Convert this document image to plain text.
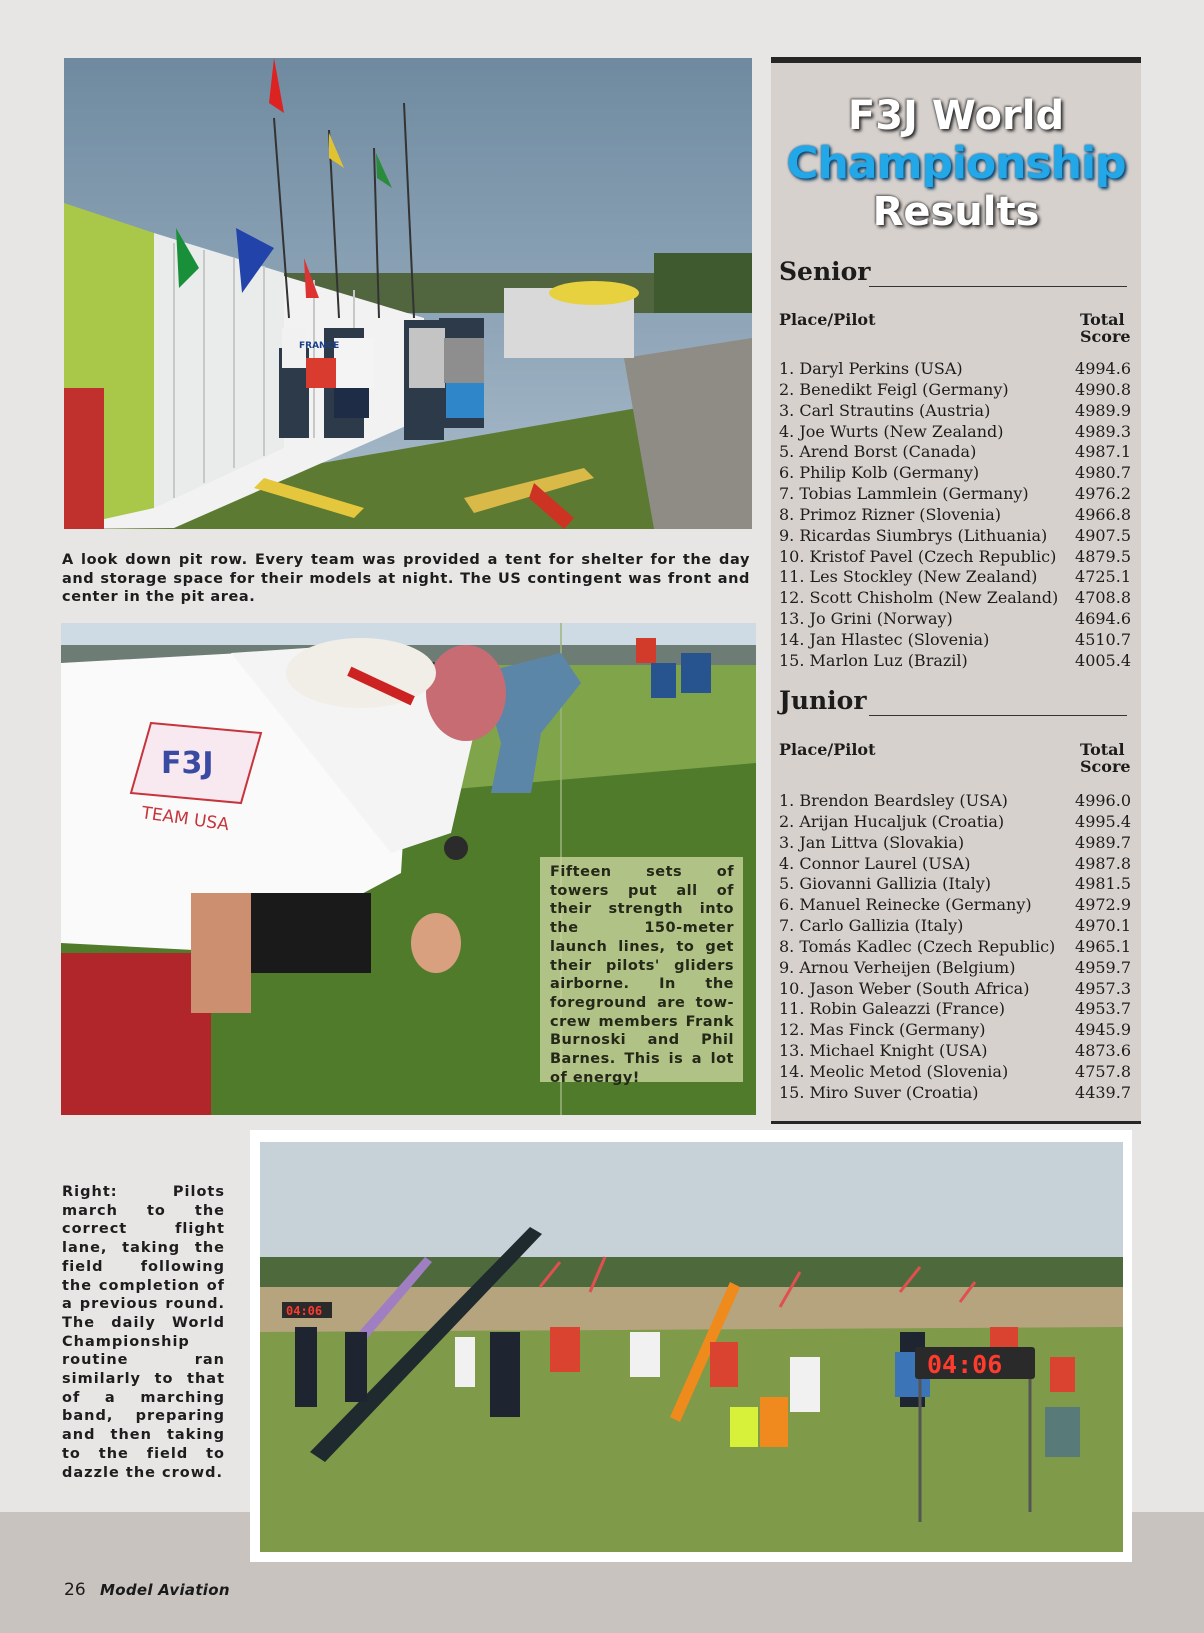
FRANCE
A look down pit row. Every team was provided a tent for shelter for the day and storage space for their models at night. The US contingent was front and center in the pit area.
F3J
TEAM USA
Fifteen sets of towers put all of their strength into the 150-meter launch lines, to get their pilots' gliders airborne. In the foreground are tow-crew members Frank Burnoski and Phil Barnes. This is a lot of energy!
F3J World
Championship
Results
Senior
Place/Pilot	Total
Score
1. Daryl Perkins (USA)	4994.6
2. Benedikt Feigl (Germany)	4990.8
3. Carl Strautins (Austria)	4989.9
4. Joe Wurts (New Zealand)	4989.3
5. Arend Borst (Canada)	4987.1
6. Philip Kolb (Germany)	4980.7
7. Tobias Lammlein (Germany)	4976.2
8. Primoz Rizner (Slovenia)	4966.8
9. Ricardas Siumbrys (Lithuania) 4907.5
10. Kristof Pavel (Czech Republic) 4879.5
11. Les Stockley (New Zealand) 4725.1
12. Scott Chisholm (New Zealand) 4708.8
13. Jo Grini (Norway)	4694.6
14. Jan Hlastec (Slovenia)	4510.7
15. Marlon Luz (Brazil)	4005.4
Junior
Place/Pilot	Total
Score
1. Brendon Beardsley (USA)	4996.0
2. Arijan Hucaljuk (Croatia)	4995.4
3. Jan Littva (Slovakia)	4989.7
4. Connor Laurel (USA)	4987.8
5. Giovanni Gallizia (Italy)	4981.5
6. Manuel Reinecke (Germany)	4972.9
7. Carlo Gallizia (Italy)	4970.1
8. Tomás Kadlec (Czech Republic) 4965.1
9. Arnou Verheijen (Belgium)	4959.7
10. Jason Weber (South Africa)	4957.3
11. Robin Galeazzi (France)	4953.7
12. Mas Finck (Germany)	4945.9
13. Michael Knight (USA)	4873.6
14. Meolic Metod (Slovenia)	4757.8
15. Miro Suver (Croatia)	4439.7
Right: Pilots march to the correct flight lane, taking the field following the completion of a previous round. The daily World Championship routine ran similarly to that of a marching band, preparing and then taking to the field to dazzle the crowd.
04:06
04:06
26 Model Aviation
